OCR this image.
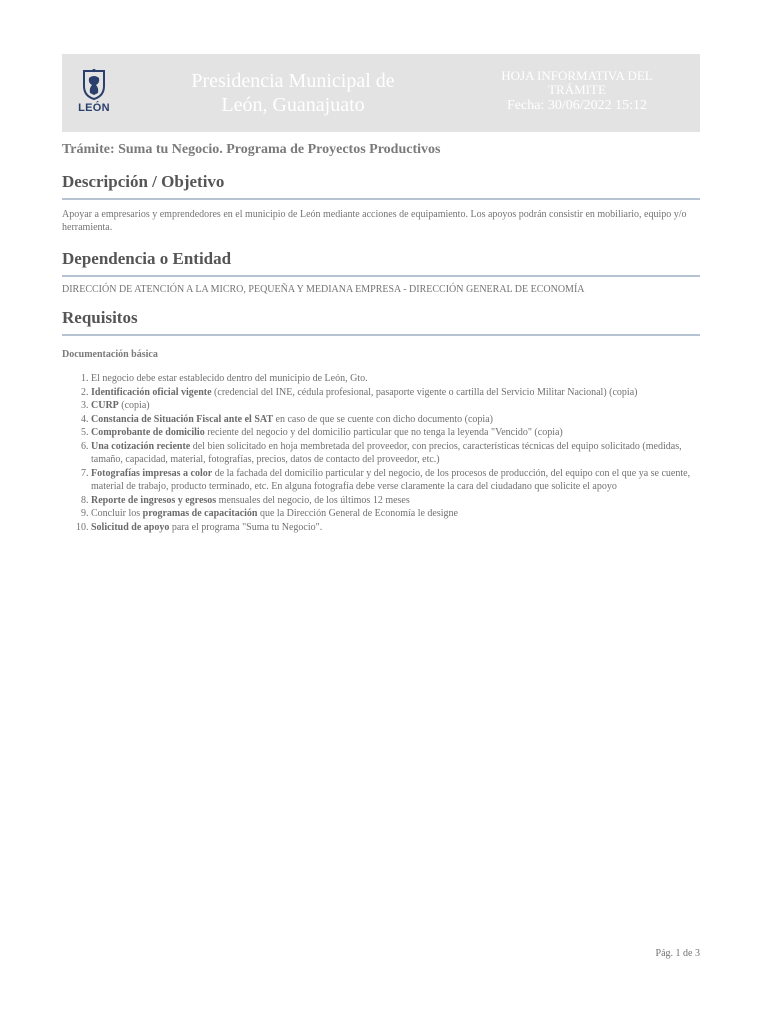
LEÓN
Presidencia Municipal de
León, Guanajuato
HOJA INFORMATIVA DEL
TRÁMITE
Fecha: 30/06/2022 15:12
Trámite: Suma tu Negocio. Programa de Proyectos Productivos
Descripción / Objetivo
Apoyar a empresarios y emprendedores en el municipio de León mediante acciones de equipamiento. Los apoyos podrán consistir en mobiliario, equipo y/o herramienta.
Dependencia o Entidad
DIRECCIÓN DE ATENCIÓN A LA MICRO, PEQUEÑA Y MEDIANA EMPRESA - DIRECCIÓN GENERAL DE ECONOMÍA
Requisitos
Documentación básica
1. El negocio debe estar establecido dentro del municipio de León, Gto.
2. Identificación oficial vigente (credencial del INE, cédula profesional, pasaporte vigente o cartilla del Servicio Militar Nacional) (copia)
3. CURP (copia)
4. Constancia de Situación Fiscal ante el SAT en caso de que se cuente con dicho documento (copia)
5. Comprobante de domicilio reciente del negocio y del domicilio particular que no tenga la leyenda "Vencido" (copia)
6. Una cotización reciente del bien solicitado en hoja membretada del proveedor, con precios, características técnicas del equipo solicitado (medidas, tamaño, capacidad, material, fotografías, precios, datos de contacto del proveedor, etc.)
7. Fotografías impresas a color de la fachada del domicilio particular y del negocio, de los procesos de producción, del equipo con el que ya se cuente, material de trabajo, producto terminado, etc. En alguna fotografía debe verse claramente la cara del ciudadano que solicite el apoyo
8. Reporte de ingresos y egresos mensuales del negocio, de los últimos 12 meses
9. Concluir los programas de capacitación que la Dirección General de Economía le designe
10. Solicitud de apoyo para el programa "Suma tu Negocio".
Pág. 1 de 3
